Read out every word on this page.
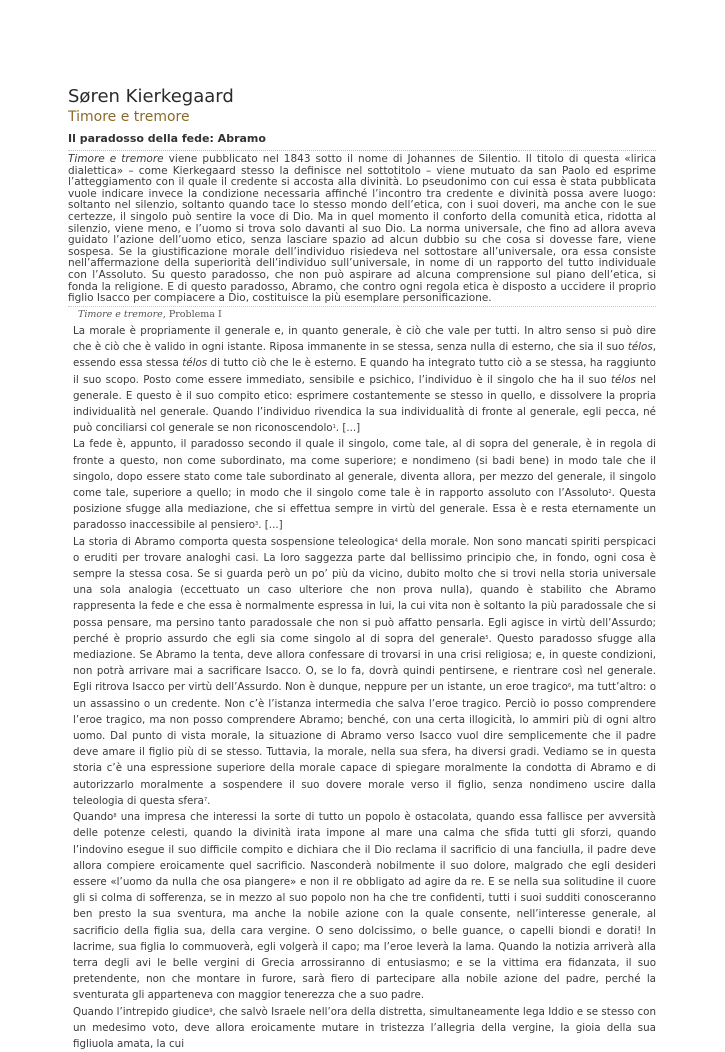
Søren Kierkegaard
Timore e tremore
Il paradosso della fede: Abramo

Timore e tremore viene pubblicato nel 1843 sotto il nome di Johannes de Silentio. Il titolo di questa «lirica dialettica» – come Kierkegaard stesso la definisce nel sottotitolo – viene mutuato da san Paolo ed esprime l’atteggiamento con il quale il credente si accosta alla divinità. Lo pseudonimo con cui essa è stata pubblicata vuole indicare invece la condizione necessaria affinché l’incontro tra credente e divinità possa avere luogo: soltanto nel silenzio, soltanto quando tace lo stesso mondo dell’etica, con i suoi doveri, ma anche con le sue certezze, il singolo può sentire la voce di Dio. Ma in quel momento il conforto della comunità etica, ridotta al silenzio, viene meno, e l’uomo si trova solo davanti al suo Dio. La norma universale, che fino ad allora aveva guidato l’azione dell’uomo etico, senza lasciare spazio ad alcun dubbio su che cosa si dovesse fare, viene sospesa. Se la giustificazione morale dell’individuo risiedeva nel sottostare all’universale, ora essa consiste nell’affermazione della superiorità dell’individuo sull’universale, in nome di un rapporto del tutto individuale con l’Assoluto. Su questo paradosso, che non può aspirare ad alcuna comprensione sul piano dell’etica, si fonda la religione. E di questo paradosso, Abramo, che contro ogni regola etica è disposto a uccidere il proprio figlio Isacco per compiacere a Dio, costituisce la più esemplare personificazione.

Timore e tremore, Problema I

La morale è propriamente il generale e, in quanto generale, è ciò che vale per tutti. In altro senso si può dire che è ciò che è valido in ogni istante. Riposa immanente in se stessa, senza nulla di esterno, che sia il suo télos, essendo essa stessa télos di tutto ciò che le è esterno. E quando ha integrato tutto ciò a se stessa, ha raggiunto il suo scopo. Posto come essere immediato, sensibile e psichico, l’individuo è il singolo che ha il suo télos nel generale. E questo è il suo compito etico: esprimere costantemente se stesso in quello, e dissolvere la propria individualità nel generale. Quando l’individuo rivendica la sua individualità di fronte al generale, egli pecca, né può conciliarsi col generale se non riconoscendolo$^1$. [...]

La fede è, appunto, il paradosso secondo il quale il singolo, come tale, al di sopra del generale, è in regola di fronte a questo, non come subordinato, ma come superiore; e nondimeno (si badi bene) in modo tale che il singolo, dopo essere stato come tale subordinato al generale, diventa allora, per mezzo del generale, il singolo come tale, superiore a quello; in modo che il singolo come tale è in rapporto assoluto con l’Assoluto$^2$. Questa posizione sfugge alla mediazione, che si effettua sempre in virtù del generale. Essa è e resta eternamente un paradosso inaccessibile al pensiero$^3$. [...]

La storia di Abramo comporta questa sospensione teleologica$^4$ della morale. Non sono mancati spiriti perspicaci o eruditi per trovare analoghi casi. La loro saggezza parte dal bellissimo principio che, in fondo, ogni cosa è sempre la stessa cosa. Se si guarda però un po’ più da vicino, dubito molto che si trovi nella storia universale una sola analogia (eccettuato un caso ulteriore che non prova nulla), quando è stabilito che Abramo rappresenta la fede e che essa è normalmente espressa in lui, la cui vita non è soltanto la più paradossale che si possa pensare, ma persino tanto paradossale che non si può affatto pensarla. Egli agisce in virtù dell’Assurdo; perché è proprio assurdo che egli sia come singolo al di sopra del generale$^5$. Questo paradosso sfugge alla mediazione. Se Abramo la tenta, deve allora confessare di trovarsi in una crisi religiosa; e, in queste condizioni, non potrà arrivare mai a sacrificare Isacco. O, se lo fa, dovrà quindi pentirsene, e rientrare così nel generale. Egli ritrova Isacco per virtù dell’Assurdo. Non è dunque, neppure per un istante, un eroe tragico$^6$, ma tutt’altro: o un assassino o un credente. Non c’è l’istanza intermedia che salva l’eroe tragico. Perciò io posso comprendere l’eroe tragico, ma non posso comprendere Abramo; benché, con una certa illogicità, lo ammiri più di ogni altro uomo. Dal punto di vista morale, la situazione di Abramo verso Isacco vuol dire semplicemente che il padre deve amare il figlio più di se stesso. Tuttavia, la morale, nella sua sfera, ha diversi gradi. Vediamo se in questa storia c’è una espressione superiore della morale capace di spiegare moralmente la condotta di Abramo e di autorizzarlo moralmente a sospendere il suo dovere morale verso il figlio, senza nondimeno uscire dalla teleologia di questa sfera$^7$.

Quando$^8$ una impresa che interessi la sorte di tutto un popolo è ostacolata, quando essa fallisce per avversità delle potenze celesti, quando la divinità irata impone al mare una calma che sfida tutti gli sforzi, quando l’indovino esegue il suo difficile compito e dichiara che il Dio reclama il sacrificio di una fanciulla, il padre deve allora compiere eroicamente quel sacrificio. Nasconderà nobilmente il suo dolore, malgrado che egli desideri essere «l’uomo da nulla che osa piangere» e non il re obbligato ad agire da re. E se nella sua solitudine il cuore gli si colma di sofferenza, se in mezzo al suo popolo non ha che tre confidenti, tutti i suoi sudditi conosceranno ben presto la sua sventura, ma anche la nobile azione con la quale consente, nell’interesse generale, al sacrificio della figlia sua, della cara vergine. O seno dolcissimo, o belle guance, o capelli biondi e dorati! In lacrime, sua figlia lo commuoverà, egli volgerà il capo; ma l’eroe leverà la lama. Quando la notizia arriverà alla terra degli avi le belle vergini di Grecia arrossiranno di entusiasmo; e se la vittima era fidanzata, il suo pretendente, non che montare in furore, sarà fiero di partecipare alla nobile azione del padre, perché la sventurata gli apparteneva con maggior tenerezza che a suo padre.

Quando l’intrepido giudice$^9$, che salvò Israele nell’ora della distretta, simultaneamente lega Iddio e se stesso con un medesimo voto, deve allora eroicamente mutare in tristezza l’allegria della vergine, la gioia della sua figliuola amata, la cui
